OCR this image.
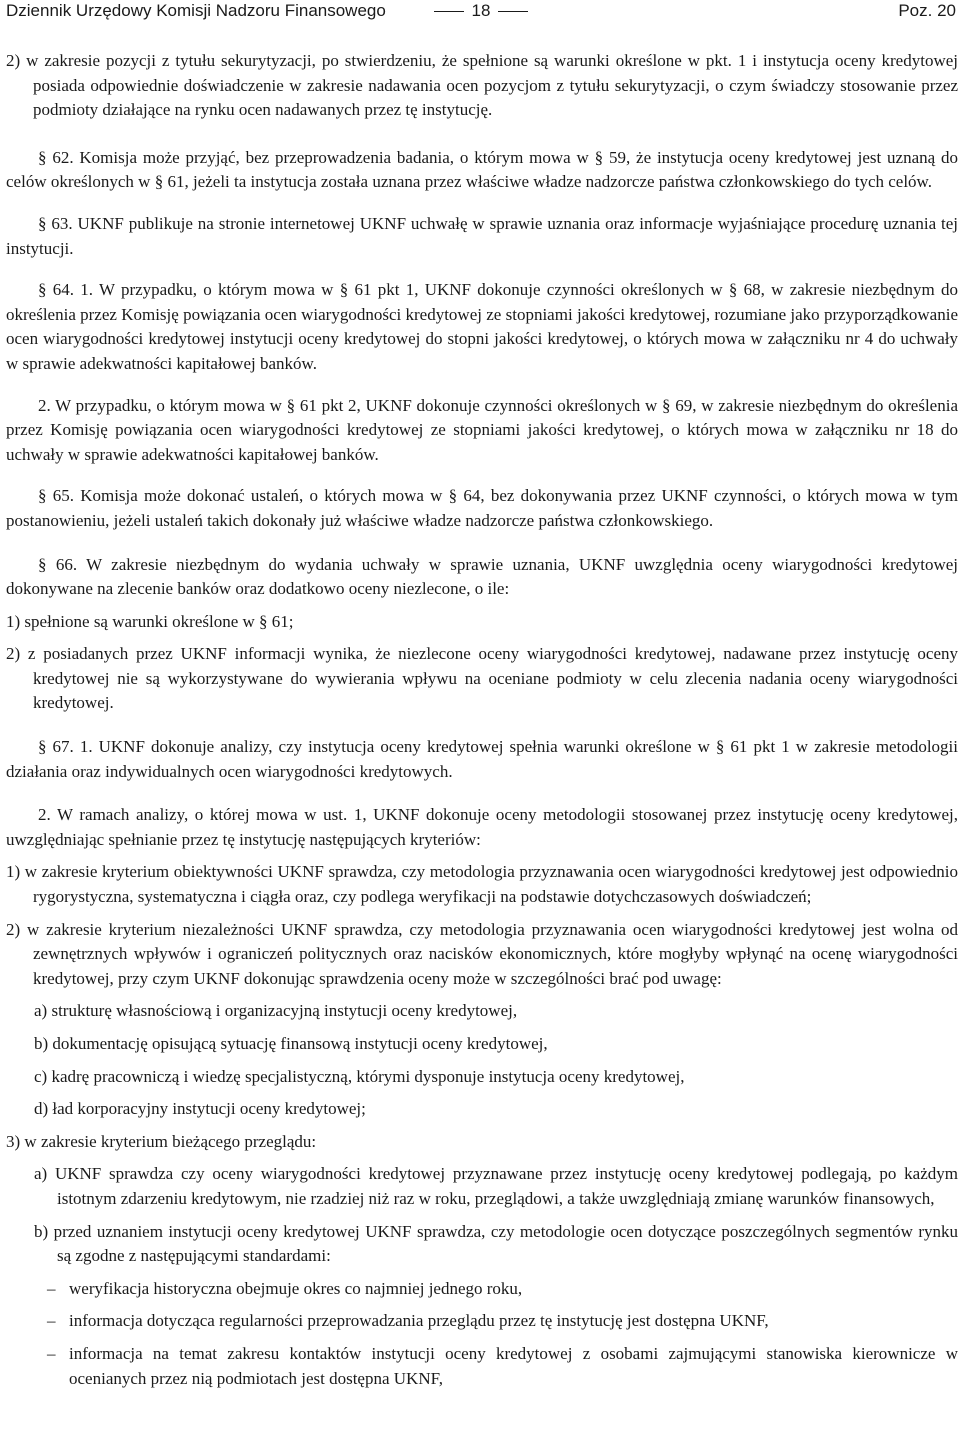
Dziennik Urzędowy Komisji Nadzoru Finansowego	18	Poz. 20

2) w zakresie pozycji z tytułu sekurytyzacji, po stwierdzeniu, że spełnione są warunki określone w pkt. 1 i instytucja oceny kredytowej posiada odpowiednie doświadczenie w zakresie nadawania ocen pozycjom z tytułu sekurytyzacji, o czym świadczy stosowanie przez podmioty działające na rynku ocen nadawanych przez tę instytucję.

§ 62. Komisja może przyjąć, bez przeprowadzenia badania, o którym mowa w § 59, że instytucja oceny kredytowej jest uznaną do celów określonych w § 61, jeżeli ta instytucja została uznana przez właściwe władze nadzorcze państwa członkowskiego do tych celów.

§ 63. UKNF publikuje na stronie internetowej UKNF uchwałę w sprawie uznania oraz informacje wyjaśniające procedurę uznania tej instytucji.

§ 64. 1. W przypadku, o którym mowa w § 61 pkt 1, UKNF dokonuje czynności określonych w § 68, w zakresie niezbędnym do określenia przez Komisję powiązania ocen wiarygodności kredytowej ze stopniami jakości kredytowej, rozumiane jako przyporządkowanie ocen wiarygodności kredytowej instytucji oceny kredytowej do stopni jakości kredytowej, o których mowa w załączniku nr 4 do uchwały w sprawie adekwatności kapitałowej banków.

2. W przypadku, o którym mowa w § 61 pkt 2, UKNF dokonuje czynności określonych w § 69, w zakresie niezbędnym do określenia przez Komisję powiązania ocen wiarygodności kredytowej ze stopniami jakości kredytowej, o których mowa w załączniku nr 18 do uchwały w sprawie adekwatności kapitałowej banków.

§ 65. Komisja może dokonać ustaleń, o których mowa w § 64, bez dokonywania przez UKNF czynności, o których mowa w tym postanowieniu, jeżeli ustaleń takich dokonały już właściwe władze nadzorcze państwa członkowskiego.

§ 66. W zakresie niezbędnym do wydania uchwały w sprawie uznania, UKNF uwzględnia oceny wiarygodności kredytowej dokonywane na zlecenie banków oraz dodatkowo oceny niezlecone, o ile:

1) spełnione są warunki określone w § 61;

2) z posiadanych przez UKNF informacji wynika, że niezlecone oceny wiarygodności kredytowej, nadawane przez instytucję oceny kredytowej nie są wykorzystywane do wywierania wpływu na oceniane podmioty w celu zlecenia nadania oceny wiarygodności kredytowej.

§ 67. 1. UKNF dokonuje analizy, czy instytucja oceny kredytowej spełnia warunki określone w § 61 pkt 1 w zakresie metodologii działania oraz indywidualnych ocen wiarygodności kredytowych.

2. W ramach analizy, o której mowa w ust. 1, UKNF dokonuje oceny metodologii stosowanej przez instytucję oceny kredytowej, uwzględniając spełnianie przez tę instytucję następujących kryteriów:

1) w zakresie kryterium obiektywności UKNF sprawdza, czy metodologia przyznawania ocen wiarygodności kredytowej jest odpowiednio rygorystyczna, systematyczna i ciągła oraz, czy podlega weryfikacji na podstawie dotychczasowych doświadczeń;

2) w zakresie kryterium niezależności UKNF sprawdza, czy metodologia przyznawania ocen wiarygodności kredytowej jest wolna od zewnętrznych wpływów i ograniczeń politycznych oraz nacisków ekonomicznych, które mogłyby wpłynąć na ocenę wiarygodności kredytowej, przy czym UKNF dokonując sprawdzenia oceny może w szczególności brać pod uwagę:

a) strukturę własnościową i organizacyjną instytucji oceny kredytowej,

b) dokumentację opisującą sytuację finansową instytucji oceny kredytowej,

c) kadrę pracowniczą i wiedzę specjalistyczną, którymi dysponuje instytucja oceny kredytowej,

d) ład korporacyjny instytucji oceny kredytowej;

3) w zakresie kryterium bieżącego przeglądu:

a) UKNF sprawdza czy oceny wiarygodności kredytowej przyznawane przez instytucję oceny kredytowej podlegają, po każdym istotnym zdarzeniu kredytowym, nie rzadziej niż raz w roku, przeglądowi, a także uwzględniają zmianę warunków finansowych,

b) przed uznaniem instytucji oceny kredytowej UKNF sprawdza, czy metodologie ocen dotyczące poszczególnych segmentów rynku są zgodne z następującymi standardami:

– weryfikacja historyczna obejmuje okres co najmniej jednego roku,

– informacja dotycząca regularności przeprowadzania przeglądu przez tę instytucję jest dostępna UKNF,

– informacja na temat zakresu kontaktów instytucji oceny kredytowej z osobami zajmującymi stanowiska kierownicze w ocenianych przez nią podmiotach jest dostępna UKNF,
